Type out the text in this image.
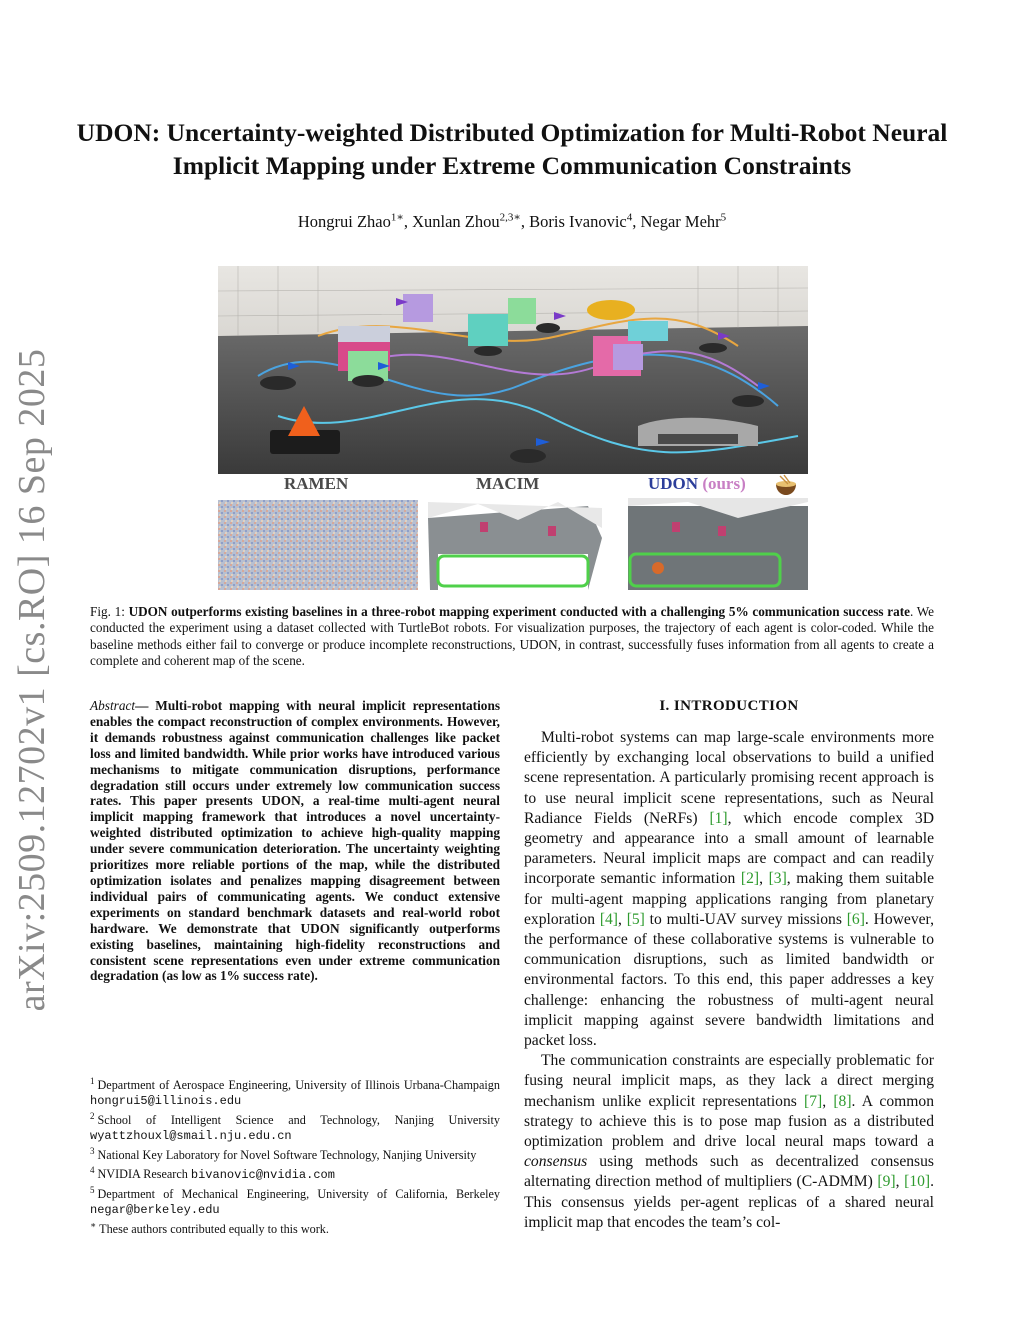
arXiv:2509.12702v1 [cs.RO] 16 Sep 2025
UDON: Uncertainty-weighted Distributed Optimization for Multi-Robot Neural Implicit Mapping under Extreme Communication Constraints
Hongrui Zhao$^{1∗}$, Xunlan Zhou$^{2,3∗}$, Boris Ivanovic$^4$, Negar Mehr$^5$
RAMEN	MACIM	UDON (ours)

Fig. 1: UDON outperforms existing baselines in a three-robot mapping experiment conducted with a challenging 5% communication success rate. We conducted the experiment using a dataset collected with TurtleBot robots. For visualization purposes, the trajectory of each agent is color-coded. While the baseline methods either fail to converge or produce incomplete reconstructions, UDON, in contrast, successfully fuses information from all agents to create a complete and coherent map of the scene.

Abstract— Multi-robot mapping with neural implicit representations enables the compact reconstruction of complex environments. However, it demands robustness against communication challenges like packet loss and limited bandwidth. While prior works have introduced various mechanisms to mitigate communication disruptions, performance degradation still occurs under extremely low communication success rates. This paper presents UDON, a real-time multi-agent neural implicit mapping framework that introduces a novel uncertainty-weighted distributed optimization to achieve high-quality mapping under severe communication deterioration. The uncertainty weighting prioritizes more reliable portions of the map, while the distributed optimization isolates and penalizes mapping disagreement between individual pairs of communicating agents. We conduct extensive experiments on standard benchmark datasets and real-world robot hardware. We demonstrate that UDON significantly outperforms existing baselines, maintaining high-fidelity reconstructions and consistent scene representations even under extreme communication degradation (as low as 1% success rate).

$^1$ Department of Aerospace Engineering, University of Illinois Urbana-Champaign hongrui5@illinois.edu

$^2$ School of Intelligent Science and Technology, Nanjing University wyattzhouxl@smail.nju.edu.cn

$^3$ National Key Laboratory for Novel Software Technology, Nanjing University

$^4$ NVIDIA Research bivanovic@nvidia.com

$^5$ Department of Mechanical Engineering, University of California, Berkeley negar@berkeley.edu

∗ These authors contributed equally to this work.

I. INTRODUCTION

Multi-robot systems can map large-scale environments more efficiently by exchanging local observations to build a unified scene representation. A particularly promising recent approach is to use neural implicit scene representations, such as Neural Radiance Fields (NeRFs) [1], which encode complex 3D geometry and appearance into a small amount of learnable parameters. Neural implicit maps are compact and can readily incorporate semantic information [2], [3], making them suitable for multi-agent mapping applications ranging from planetary exploration [4], [5] to multi-UAV survey missions [6]. However, the performance of these collaborative systems is vulnerable to communication disruptions, such as limited bandwidth or environmental factors. To this end, this paper addresses a key challenge: enhancing the robustness of multi-agent neural implicit mapping against severe bandwidth limitations and packet loss.

The communication constraints are especially problematic for fusing neural implicit maps, as they lack a direct merging mechanism unlike explicit representations [7], [8]. A common strategy to achieve this is to pose map fusion as a distributed optimization problem and drive local neural maps toward a consensus using methods such as decentralized consensus alternating direction method of multipliers (C-ADMM) [9], [10]. This consensus yields per-agent replicas of a shared neural implicit map that encodes the team’s col-
